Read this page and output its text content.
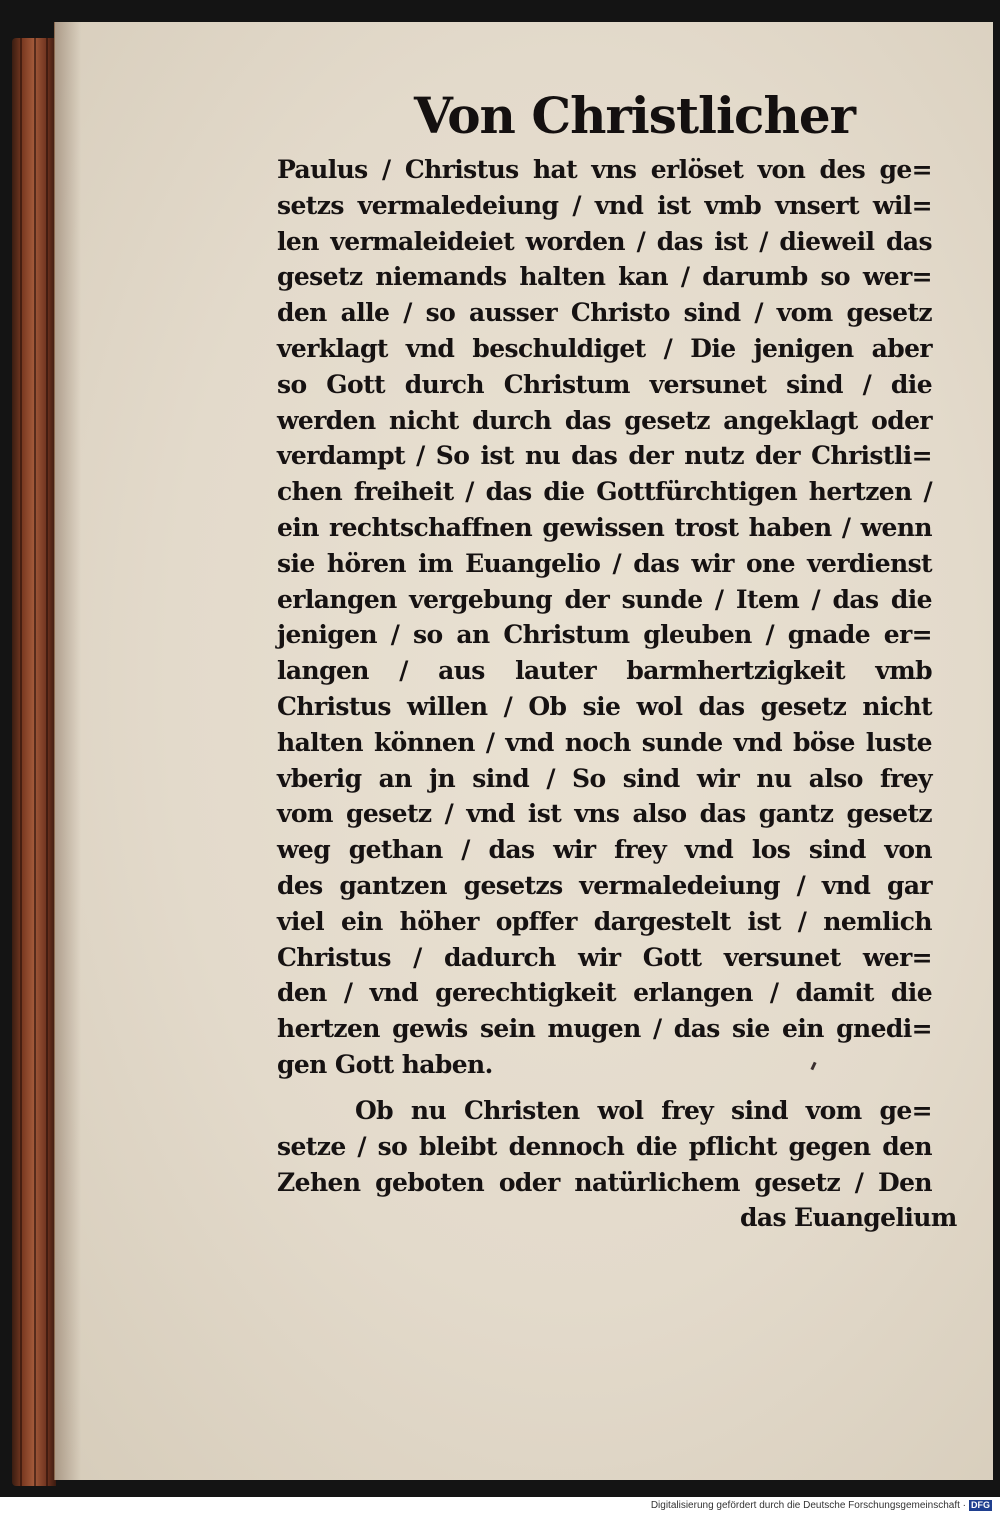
Von Christlicher
Paulus / Christus hat vns erlöset von des ge=
setzs vermaledeiung / vnd ist vmb vnsert wil=
len vermaleideiet worden / das ist / dieweil das
gesetz niemands halten kan / darumb so wer=
den alle / so ausser Christo sind / vom gesetz
verklagt vnd beschuldiget / Die jenigen aber
so Gott durch Christum versunet sind / die
werden nicht durch das gesetz angeklagt oder
verdampt / So ist nu das der nutz der Christli=
chen freiheit / das die Gottfürchtigen hertzen /
ein rechtschaffnen gewissen trost haben / wenn
sie hören im Euangelio / das wir one verdienst
erlangen vergebung der sunde / Item / das die
jenigen / so an Christum gleuben / gnade er=
langen / aus lauter barmhertzigkeit vmb
Christus willen / Ob sie wol das gesetz nicht
halten können / vnd noch sunde vnd böse luste
vberig an jn sind / So sind wir nu also frey
vom gesetz / vnd ist vns also das gantz gesetz
weg gethan / das wir frey vnd los sind von
des gantzen gesetzs vermaledeiung / vnd gar
viel ein höher opffer dargestelt ist / nemlich
Christus / dadurch wir Gott versunet wer=
den / vnd gerechtigkeit erlangen / damit die
hertzen gewis sein mugen / das sie ein gnedi=
gen Gott haben.
Ob nu Christen wol frey sind vom ge=
setze / so bleibt dennoch die pflicht gegen den
Zehen geboten oder natürlichem gesetz / Den
das Euangelium
Digitalisierung gefördert durch die Deutsche Forschungsgemeinschaft · DFG
